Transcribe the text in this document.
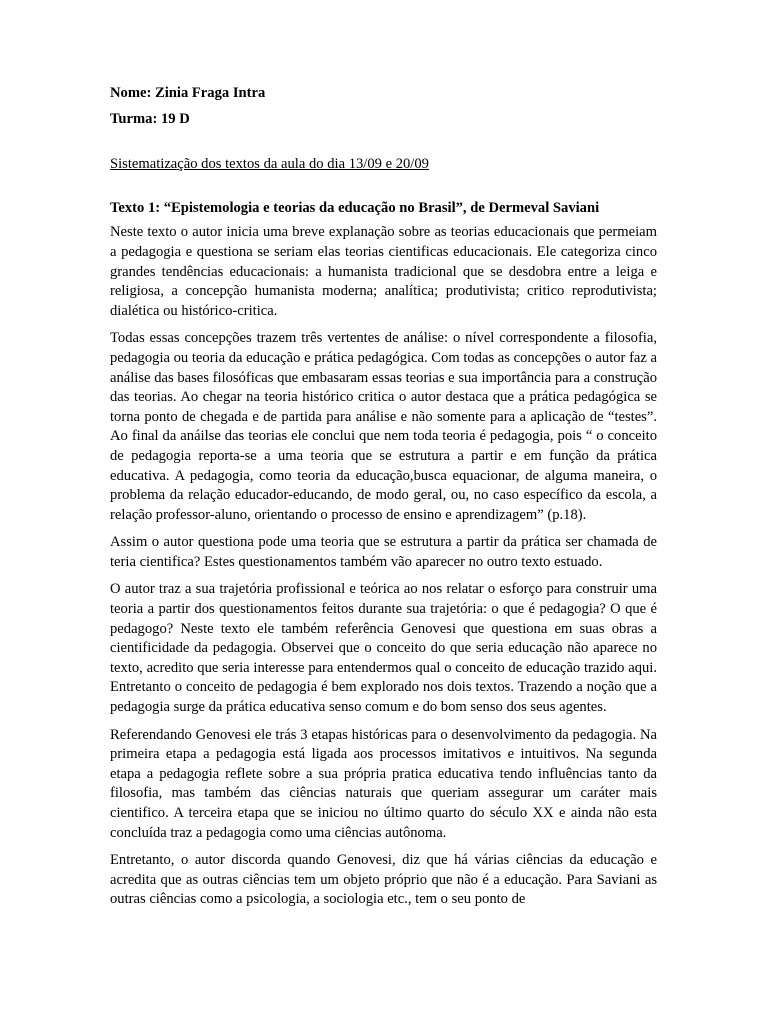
Nome: Zinia Fraga Intra
Turma: 19 D
Sistematização dos textos da aula do dia 13/09 e 20/09
Texto 1: “Epistemologia e teorias da educação no Brasil”, de Dermeval Saviani

Neste texto o autor inicia uma breve explanação sobre as teorias educacionais que permeiam a pedagogia e questiona se seriam elas teorias cientificas educacionais. Ele categoriza cinco grandes tendências educacionais: a humanista tradicional que se desdobra entre a leiga e religiosa, a concepção humanista moderna; analítica; produtivista; critico reprodutivista; dialética ou histórico-critica.

Todas essas concepções trazem três vertentes de análise: o nível correspondente a filosofia, pedagogia ou teoria da educação e prática pedagógica. Com todas as concepções o autor faz a análise das bases filosóficas que embasaram essas teorias e sua importância para a construção das teorias. Ao chegar na teoria histórico critica o autor destaca que a prática pedagógica se torna ponto de chegada e de partida para análise e não somente para a aplicação de “testes”. Ao final da anáilse das teorias ele conclui que nem toda teoria é pedagogia, pois “ o conceito de pedagogia reporta-se a uma teoria que se estrutura a partir e em função da prática educativa. A pedagogia, como teoria da educação,busca equacionar, de alguma maneira, o problema da relação educador-educando, de modo geral, ou, no caso específico da escola, a relação professor-aluno, orientando o processo de ensino e aprendizagem” (p.18).

Assim o autor questiona pode uma teoria que se estrutura a partir da prática ser chamada de teria cientifica? Estes questionamentos também vão aparecer no outro texto estuado.

O autor traz a sua trajetória profissional e teórica ao nos relatar o esforço para construir uma teoria a partir dos questionamentos feitos durante sua trajetória: o que é pedagogia? O que é pedagogo? Neste texto ele também referência Genovesi que questiona em suas obras a cientificidade da pedagogia. Observei que o conceito do que seria educação não aparece no texto, acredito que seria interesse para entendermos qual o conceito de educação trazido aqui. Entretanto o conceito de pedagogia é bem explorado nos dois textos. Trazendo a noção que a pedagogia surge da prática educativa senso comum e do bom senso dos seus agentes.

Referendando Genovesi ele trás 3 etapas históricas para o desenvolvimento da pedagogia. Na primeira etapa a pedagogia está ligada aos processos imitativos e intuitivos. Na segunda etapa a pedagogia reflete sobre a sua própria pratica educativa tendo influências tanto da filosofia, mas também das ciências naturais que queriam assegurar um caráter mais cientifico. A terceira etapa que se iniciou no último quarto do século XX e ainda não esta concluída traz a pedagogia como uma ciências autônoma.

Entretanto, o autor discorda quando Genovesi, diz que há várias ciências da educação e acredita que as outras ciências tem um objeto próprio que não é a educação. Para Saviani as outras ciências como a psicologia, a sociologia etc., tem o seu ponto de
